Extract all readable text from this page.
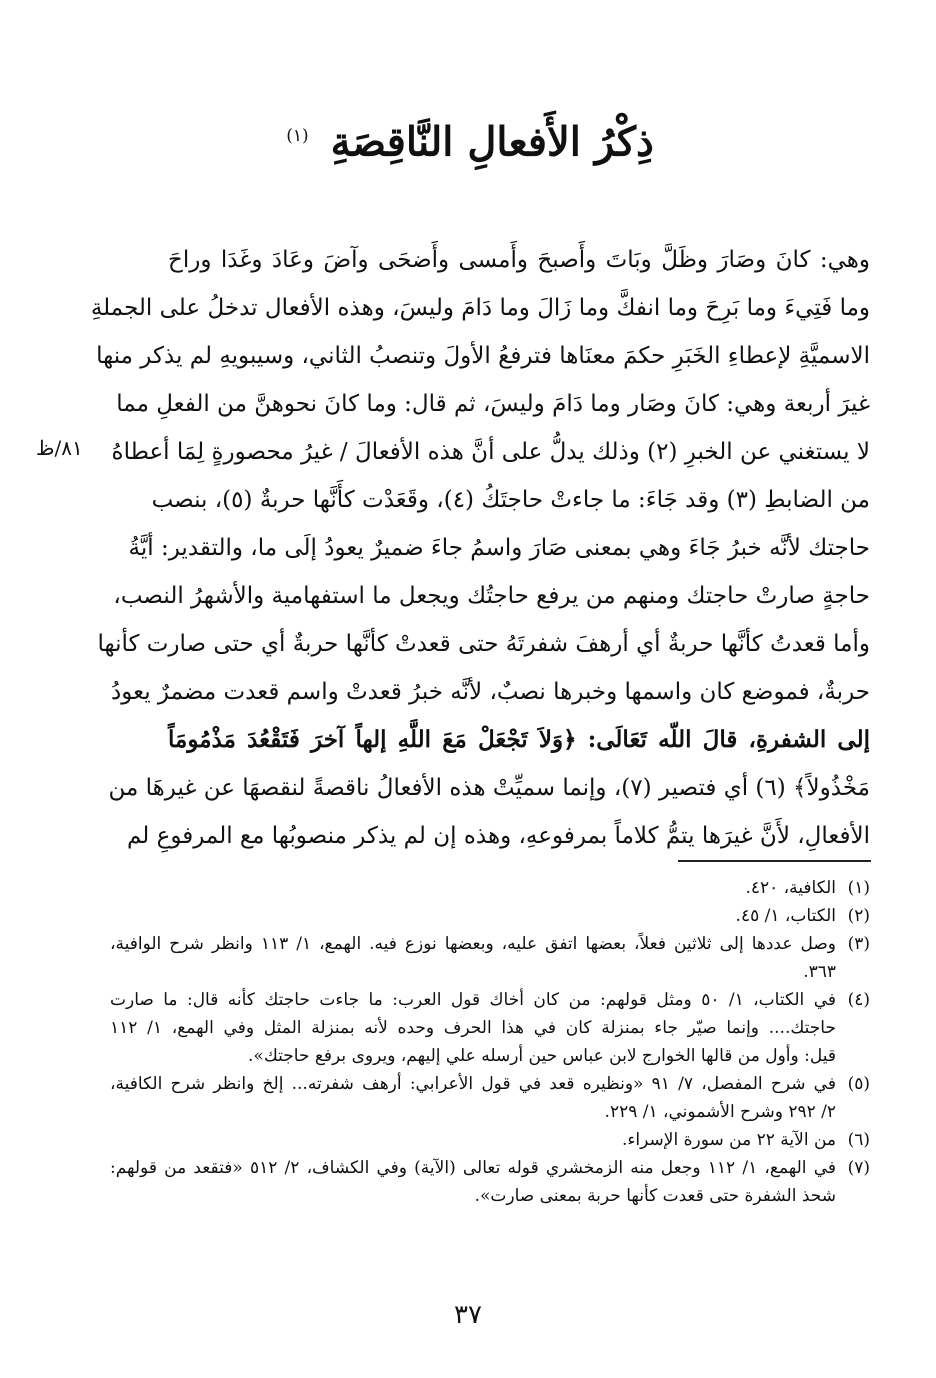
ذِكْرُ الأَفعالِ النَّاقِصَةِ $^{(١)}$
وهي: كانَ وصَارَ وظَلَّ وبَاتَ وأَصبحَ وأَمسى وأَضحَى وآضَ وعَادَ وغَدَا وراحَ
وما فَتِيءَ وما بَرِحَ وما انفكَّ وما زَالَ وما دَامَ وليسَ، وهذه الأفعال تدخلُ على الجملةِ
الاسميَّةِ لإعطاءِ الخَبَرِ حكمَ معنَاها فترفعُ الأولَ وتنصبُ الثاني، وسيبويهِ لم يذكر منها
غيرَ أربعة وهي: كانَ وصَار وما دَامَ وليسَ، ثم قال: وما كانَ نحوهنَّ من الفعلِ مما
لا يستغني عن الخبرِ (٢) وذلك يدلُّ على أنَّ هذه الأفعالَ / غيرُ محصورةٍ لِمَا أعطاهُ
من الضابطِ (٣) وقد جَاءَ: ما جاءتْ حاجتَكُ (٤)، وقَعَدْت كأَنَّها حربةٌ (٥)، بنصب
حاجتك لأنَّه خبرُ جَاءَ وهي بمعنى صَارَ واسمُ جاءَ ضميرٌ يعودُ إلَى ما، والتقدير: أيَّةُ
حاجةٍ صارتْ حاجتك ومنهم من يرفع حاجتُك ويجعل ما استفهامية والأشهرُ النصب،
وأما قعدتُ كأنَّها حربةٌ أي أرهفَ شفرتَهُ حتى قعدتْ كأنَّها حربةٌ أي حتى صارت كأنها
حربةٌ، فموضع كان واسمها وخبرها نصبٌ، لأنَّه خبرُ قعدتْ واسم قعدت مضمرٌ يعودُ
إلى الشفرةِ، قالَ اللّه تَعَالَى: ﴿وَلاَ تَجْعَلْ مَعَ اللَّهِ إلهاً آخرَ فَتَقْعُدَ مَذْمُومَاً
مَخْذُولاً﴾ (٦) أي فتصير (٧)، وإنما سميِّتْ هذه الأفعالُ ناقصةً لنقصهَا عن غيرهَا من
الأفعالِ، لأَنَّ غيرَها يتمُّ كلاماً بمرفوعهِ، وهذه إن لم يذكر منصوبُها مع المرفوعِ لم
٨١/ظ
(١)
الكافية، ٤٢٠.
(٢)
الكتاب، ١/ ٤٥.
(٣)
وصل عددها إلى ثلاثين فعلاً، بعضها اتفق عليه، وبعضها نوزع فيه. الهمع، ١/ ١١٣ وانظر شرح الوافية،
٣٦٣.
(٤)
في الكتاب، ١/ ٥٠ ومثل قولهم: من كان أخاك قول العرب: ما جاءت حاجتك كأنه قال: ما صارت
حاجتك.... وإنما صيّر جاء بمنزلة كان في هذا الحرف وحده لأنه بمنزلة المثل وفي الهمع، ١/ ١١٢
قيل: وأول من قالها الخوارج لابن عباس حين أرسله علي إليهم، ويروى برفع حاجتك».
(٥)
في شرح المفصل، ٧/ ٩١ «ونظيره قعد في قول الأعرابي: أرهف شفرته... إلخ وانظر شرح الكافية،
٢/ ٢٩٢ وشرح الأشموني، ١/ ٢٢٩.
(٦)
من الآية ٢٢ من سورة الإسراء.
(٧)
في الهمع، ١/ ١١٢ وجعل منه الزمخشري قوله تعالى (الآية) وفي الكشاف، ٢/ ٥١٢ «فتقعد من قولهم:
شحذ الشفرة حتى قعدت كأنها حربة بمعنى صارت».
٣٧
